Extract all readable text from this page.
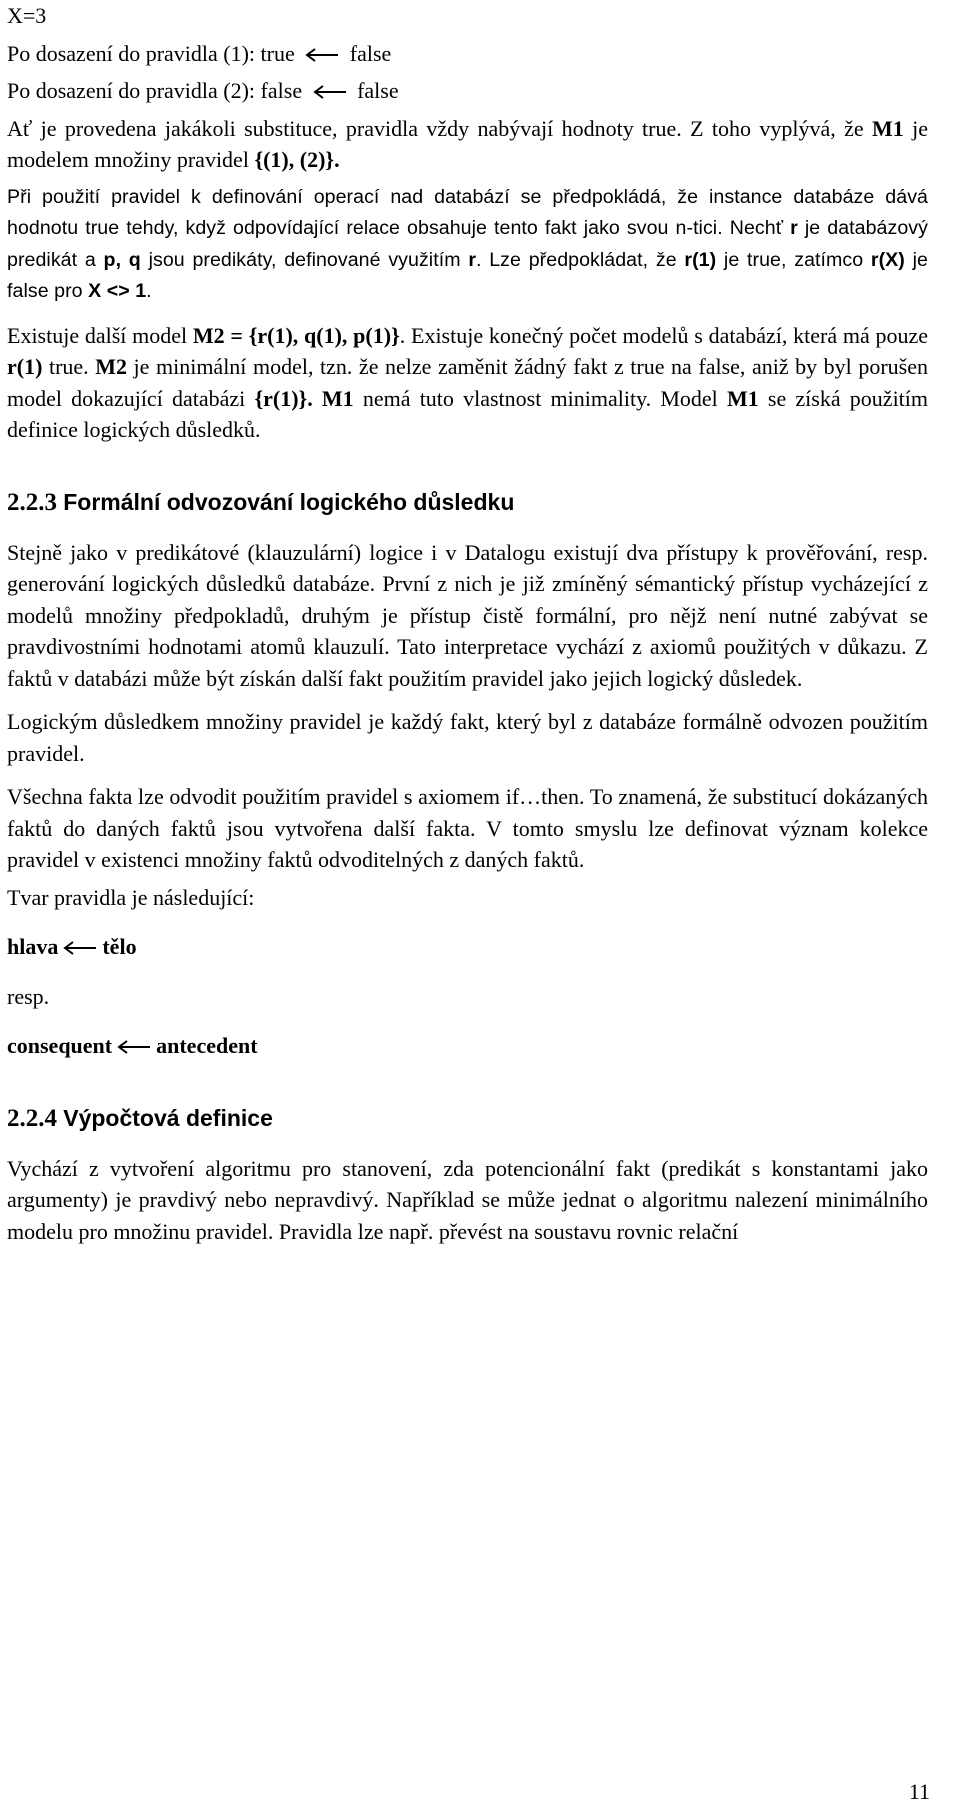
X=3
Po dosazení do pravidla (1): true  false
Po dosazení do pravidla (2): false  false

Ať je provedena jakákoli substituce, pravidla vždy nabývají hodnoty true. Z toho vyplývá, že M1 je modelem množiny pravidel {(1), (2)}.

Při použití pravidel k definování operací nad databází se předpokládá, že instance databáze dává hodnotu true tehdy, když odpovídající relace obsahuje tento fakt jako svou n-tici. Nechť r je databázový predikát a p, q jsou predikáty, definované využitím r. Lze předpokládat, že r(1) je true, zatímco r(X) je false pro X <> 1.

Existuje další model M2 = {r(1), q(1), p(1)}. Existuje konečný počet modelů s databází, která má pouze r(1) true. M2 je minimální model, tzn. že nelze zaměnit žádný fakt z true na false, aniž by byl porušen model dokazující databázi {r(1)}. M1 nemá tuto vlastnost minimality. Model M1 se získá použitím definice logických důsledků.

2.2.3 Formální odvozování logického důsledku

Stejně jako v predikátové (klauzulární) logice i v Datalogu existují dva přístupy k prověřování, resp. generování logických důsledků databáze. První z nich je již zmíněný sémantický přístup vycházející z modelů množiny předpokladů, druhým je přístup čistě formální, pro nějž není nutné zabývat se pravdivostními hodnotami atomů klauzulí. Tato interpretace vychází z axiomů použitých v důkazu. Z faktů v databázi může být získán další fakt použitím pravidel jako jejich logický důsledek.

Logickým důsledkem množiny pravidel je každý fakt, který byl z databáze formálně odvozen použitím pravidel.

Všechna fakta lze odvodit použitím pravidel s axiomem if…then. To znamená, že substitucí dokázaných faktů do daných faktů jsou vytvořena další fakta. V tomto smyslu lze definovat význam kolekce pravidel v existenci množiny faktů odvoditelných z daných faktů.

Tvar pravidla je následující:

hlava tělo
resp.
consequent antecedent
2.2.4 Výpočtová definice

Vychází z vytvoření algoritmu pro stanovení, zda potencionální fakt (predikát s konstantami jako argumenty) je pravdivý nebo nepravdivý. Například se může jednat o algoritmu nalezení minimálního modelu pro množinu pravidel. Pravidla lze např. převést na soustavu rovnic relační

11
